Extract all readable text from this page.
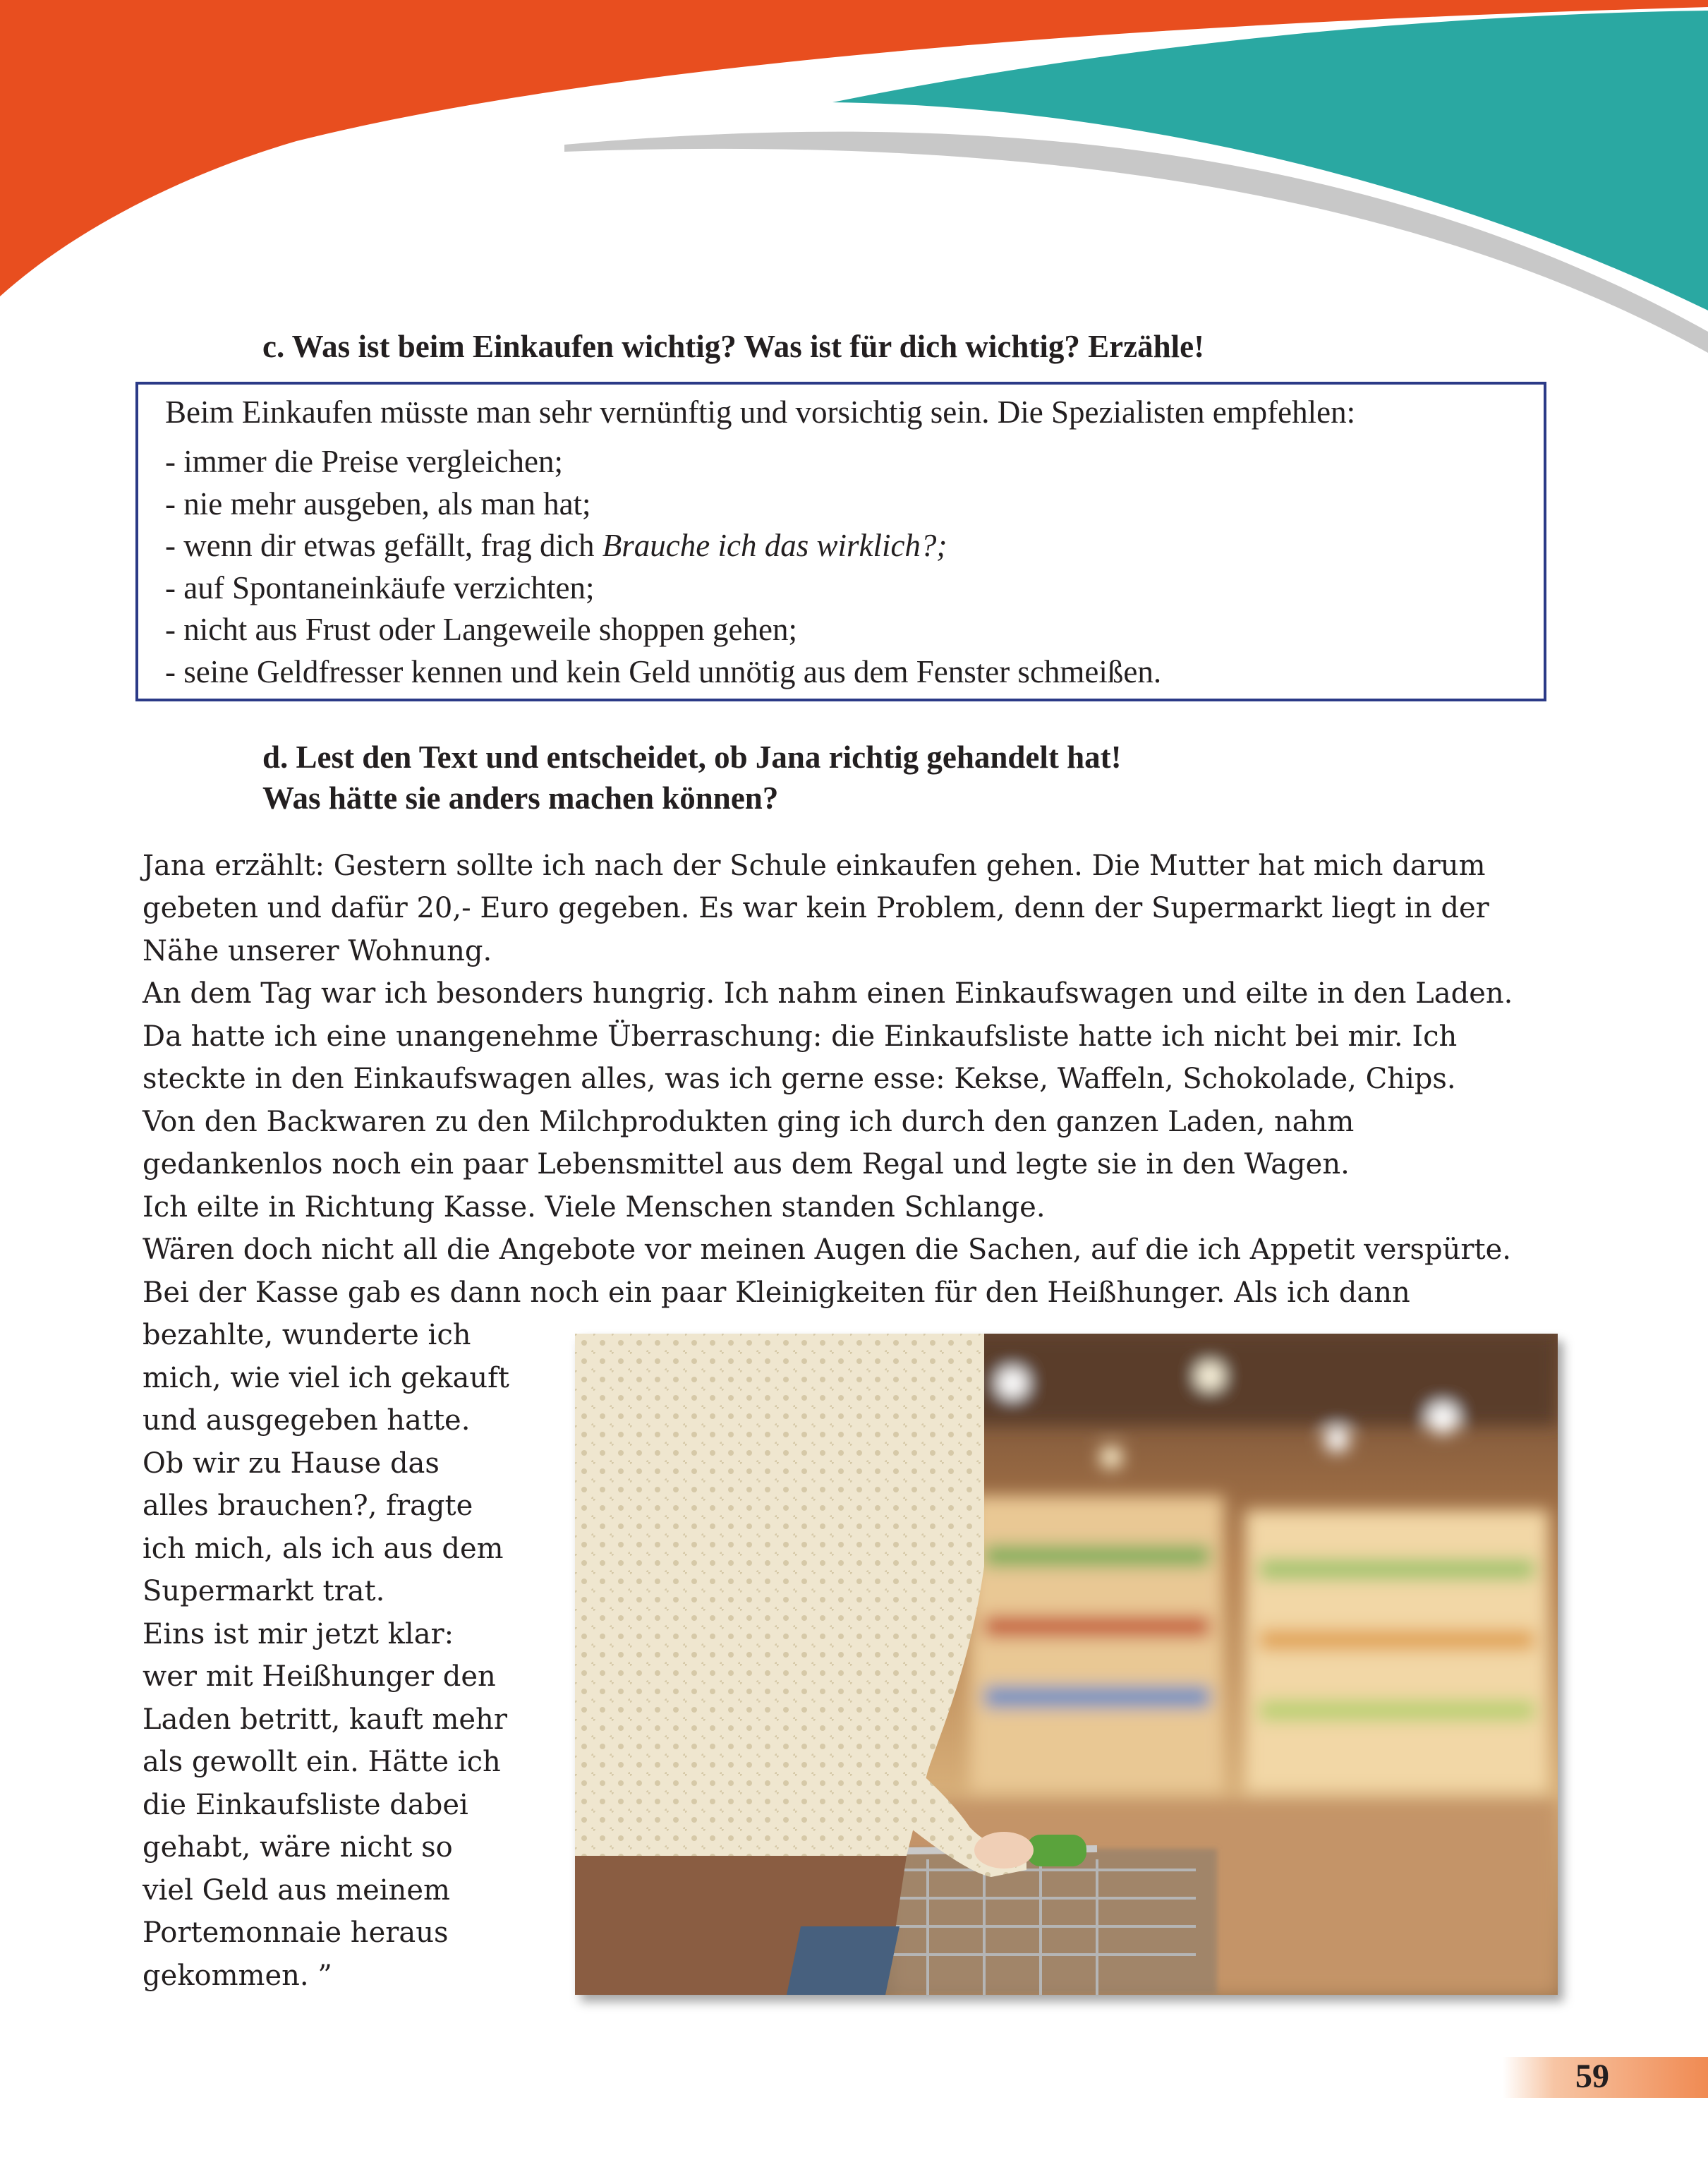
c. Was ist beim Einkaufen wichtig? Was ist für dich wichtig? Erzähle!

Beim Einkaufen müsste man sehr vernünftig und vorsichtig sein. Die Spezialisten empfehlen:
- immer die Preise vergleichen;
- nie mehr ausgeben, als man hat;
- wenn dir etwas gefällt, frag dich Brauche ich das wirklich?;
- auf Spontaneinkäufe verzichten;
- nicht aus Frust oder Langeweile shoppen gehen;
- seine Geldfresser kennen und kein Geld unnötig aus dem Fenster schmeißen.

d. Lest den Text und entscheidet, ob Jana richtig gehandelt hat!

Was hätte sie anders machen können?

Jana erzählt: Gestern sollte ich nach der Schule einkaufen gehen. Die Mutter hat mich darum

gebeten und dafür 20,- Euro gegeben. Es war kein Problem, denn der Supermarkt liegt in der

Nähe unserer Wohnung.

An dem Tag war ich besonders hungrig. Ich nahm einen Einkaufswagen und eilte in den Laden.

Da hatte ich eine unangenehme Überraschung: die Einkaufsliste hatte ich nicht bei mir. Ich

steckte in den Einkaufswagen alles, was ich gerne esse: Kekse, Waffeln, Schokolade, Chips.

Von den Backwaren zu den Milchprodukten ging ich durch den ganzen Laden, nahm

gedankenlos noch ein paar Lebensmittel aus dem Regal und legte sie in den Wagen.

Ich eilte in Richtung Kasse. Viele Menschen standen Schlange.

Wären doch nicht all die Angebote vor meinen Augen die Sachen, auf die ich Appetit verspürte.

Bei der Kasse gab es dann noch ein paar Kleinigkeiten für den Heißhunger. Als ich dann

bezahlte, wunderte ich

mich, wie viel ich gekauft

und ausgegeben hatte.

Ob wir zu Hause das

alles brauchen?, fragte

ich mich, als ich aus dem

Supermarkt trat.

Eins ist mir jetzt klar:

wer mit Heißhunger den

Laden betritt, kauft mehr

als gewollt ein. Hätte ich

die Einkaufsliste dabei

gehabt, wäre nicht so

viel Geld aus meinem

Portemonnaie heraus

gekommen. ”

59
